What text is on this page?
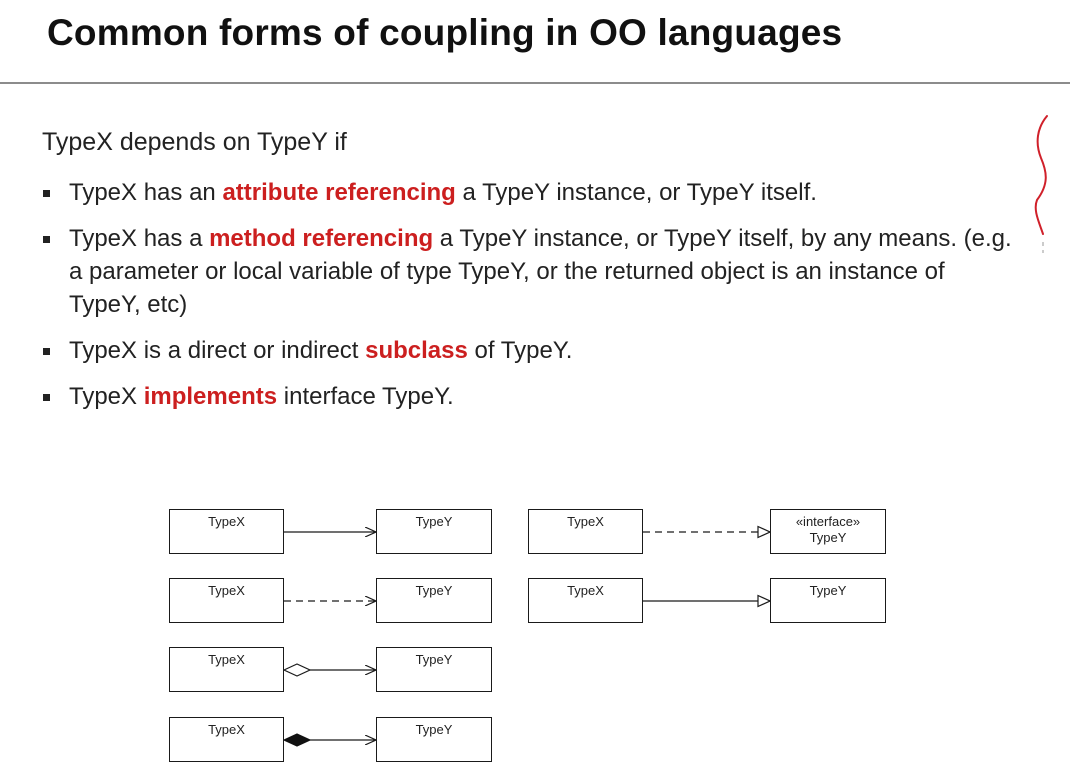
Common forms of coupling in OO languages
TypeX depends on TypeY if
TypeX has an attribute referencing a TypeY instance, or TypeY itself.
TypeX has a method referencing a TypeY instance, or TypeY itself, by any means. (e.g. a parameter or local variable of type TypeY, or the returned object is an instance of TypeY, etc)
TypeX is a direct or indirect subclass of TypeY.
TypeX implements interface TypeY.
TypeX
TypeX
TypeX
TypeX
TypeY
TypeY
TypeY
TypeY
TypeX
TypeX
«interface»
TypeY
TypeY
